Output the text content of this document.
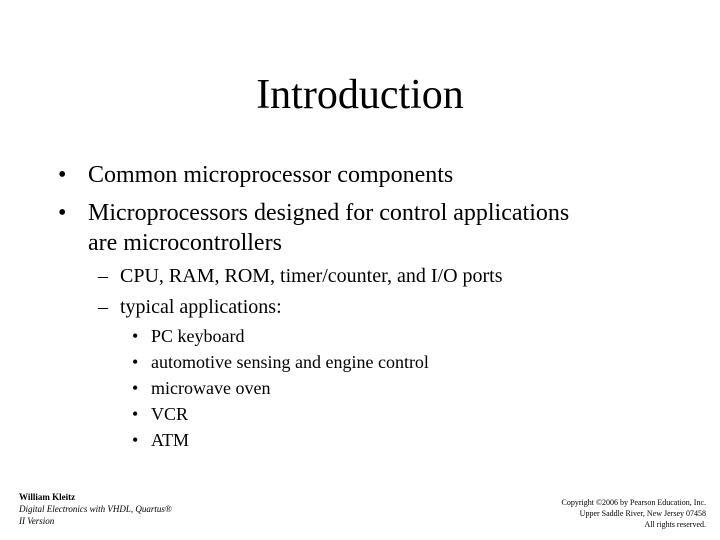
Introduction
• Common microprocessor components
• Microprocessors designed for control applications
are microcontrollers
– CPU, RAM, ROM, timer/counter, and I/O ports
– typical applications:
• PC keyboard
• automotive sensing and engine control
• microwave oven
• VCR
• ATM
William Kleitz
Digital Electronics with VHDL, Quartus®
II Version
Copyright ©2006 by Pearson Education, Inc.
Upper Saddle River, New Jersey 07458
All rights reserved.
